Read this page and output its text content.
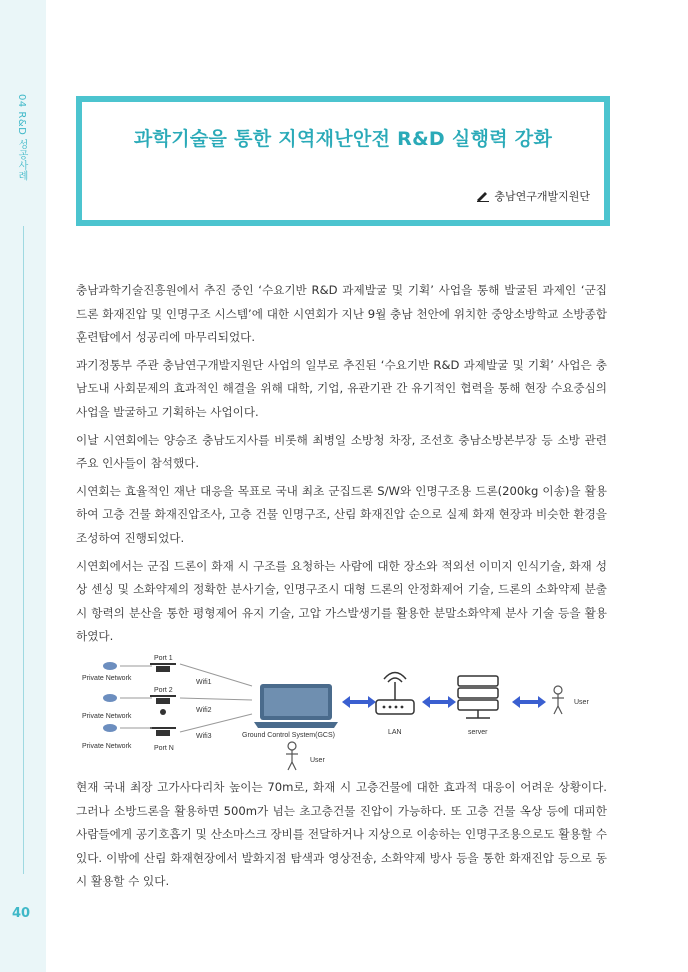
04 R&D 성공사례
40
과학기술을 통한 지역재난안전 R&D 실행력 강화
충남연구개발지원단

충남과학기술진흥원에서 추진 중인 ‘수요기반 R&D 과제발굴 및 기획’ 사업을 통해 발굴된 과제인 ‘군집 드론 화재진압 및 인명구조 시스템’에 대한 시연회가 지난 9월 충남 천안에 위치한 중앙소방학교 소방종합훈련탑에서 성공리에 마무리되었다.

과기정통부 주관 충남연구개발지원단 사업의 일부로 추진된 ‘수요기반 R&D 과제발굴 및 기획’ 사업은 충남도내 사회문제의 효과적인 해결을 위해 대학, 기업, 유관기관 간 유기적인 협력을 통해 현장 수요중심의 사업을 발굴하고 기획하는 사업이다.

이날 시연회에는 양승조 충남도지사를 비롯해 최병일 소방청 차장, 조선호 충남소방본부장 등 소방 관련 주요 인사들이 참석했다.

시연회는 효율적인 재난 대응을 목표로 국내 최초 군집드론 S/W와 인명구조용 드론(200kg 이송)을 활용하여 고층 건물 화재진압조사, 고층 건물 인명구조, 산림 화재진압 순으로 실제 화재 현장과 비슷한 환경을 조성하여 진행되었다.

시연회에서는 군집 드론이 화재 시 구조를 요청하는 사람에 대한 장소와 적외선 이미지 인식기술, 화재 성상 센싱 및 소화약제의 정확한 분사기술, 인명구조시 대형 드론의 안정화제어 기술, 드론의 소화약제 분출 시 항력의 분산을 통한 평형제어 유지 기술, 고압 가스발생기를 활용한 분말소화약제 분사 기술 등을 활용하였다.

Private Network
Private Network
Private Network
Port 1
Port 2
Port N
Wifi1
Wifi2
Wifi3	Ground Control System(GCS)
User
LAN	server
User

현재 국내 최장 고가사다리차 높이는 70m로, 화재 시 고층건물에 대한 효과적 대응이 어려운 상황이다. 그러나 소방드론을 활용하면 500m가 넘는 초고층건물 진압이 가능하다. 또 고층 건물 옥상 등에 대피한 사람들에게 공기호흡기 및 산소마스크 장비를 전달하거나 지상으로 이송하는 인명구조용으로도 활용할 수 있다. 이밖에 산림 화재현장에서 발화지점 탐색과 영상전송, 소화약제 방사 등을 통한 화재진압 등으로 동시 활용할 수 있다.
